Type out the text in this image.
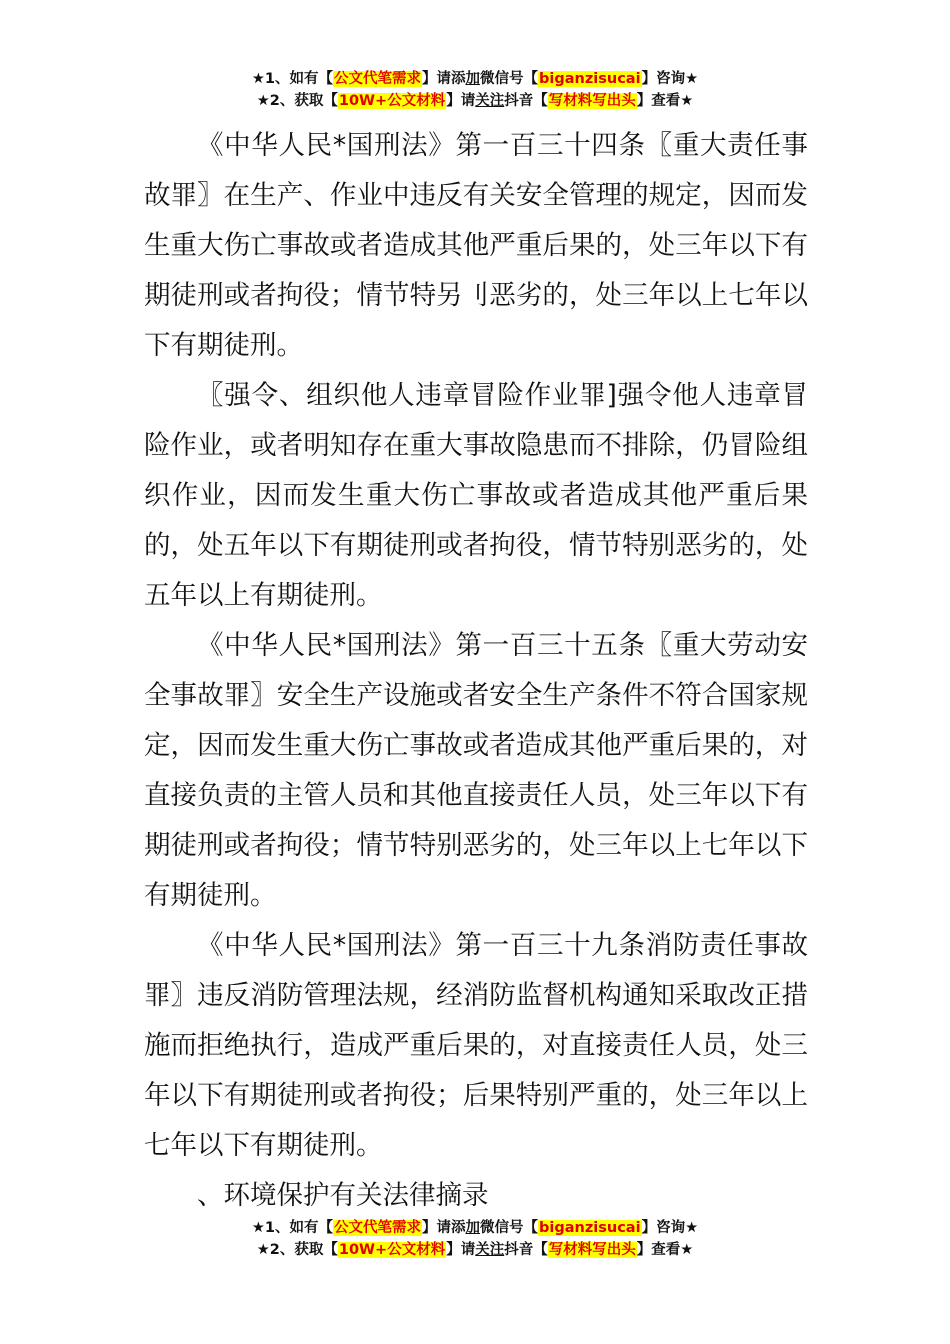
★1、如有【公文代笔需求】请添加微信号【biganzisucai】咨询★
★2、获取【10W+公文材料】请关注抖音【写材料写出头】查看★

《中华人民*国刑法》第一百三十四条〖重大责任事故罪〗在生产、作业中违反有关安全管理的规定，因而发生重大伤亡事故或者造成其他严重后果的，处三年以下有期徒刑或者拘役；情节特另刂恶劣的，处三年以上七年以下有期徒刑。

〖强令、组织他人违章冒险作业罪]强令他人违章冒险作业，或者明知存在重大事故隐患而不排除，仍冒险组织作业，因而发生重大伤亡事故或者造成其他严重后果的，处五年以下有期徒刑或者拘役，情节特别恶劣的，处五年以上有期徒刑。

《中华人民*国刑法》第一百三十五条〖重大劳动安全事故罪〗安全生产设施或者安全生产条件不符合国家规定，因而发生重大伤亡事故或者造成其他严重后果的，对直接负责的主管人员和其他直接责任人员，处三年以下有期徒刑或者拘役；情节特别恶劣的，处三年以上七年以下有期徒刑。

《中华人民*国刑法》第一百三十九条消防责任事故罪〗违反消防管理法规，经消防监督机构通知采取改正措施而拒绝执行，造成严重后果的，对直接责任人员，处三年以下有期徒刑或者拘役；后果特别严重的，处三年以上七年以下有期徒刑。

、环境保护有关法律摘录

★1、如有【公文代笔需求】请添加微信号【biganzisucai】咨询★
★2、获取【10W+公文材料】请关注抖音【写材料写出头】查看★
